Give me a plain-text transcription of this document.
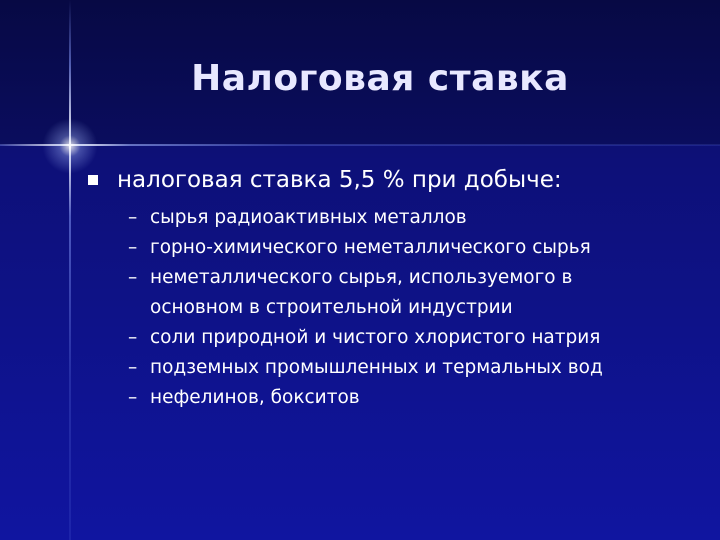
Налоговая ставка
налоговая ставка 5,5 % при добыче:
– сырья радиоактивных металлов
– горно-химического неметаллического сырья
– неметаллического сырья, используемого в
основном в строительной индустрии
– соли природной и чистого хлористого натрия
– подземных промышленных и термальных вод
– нефелинов, бокситов
